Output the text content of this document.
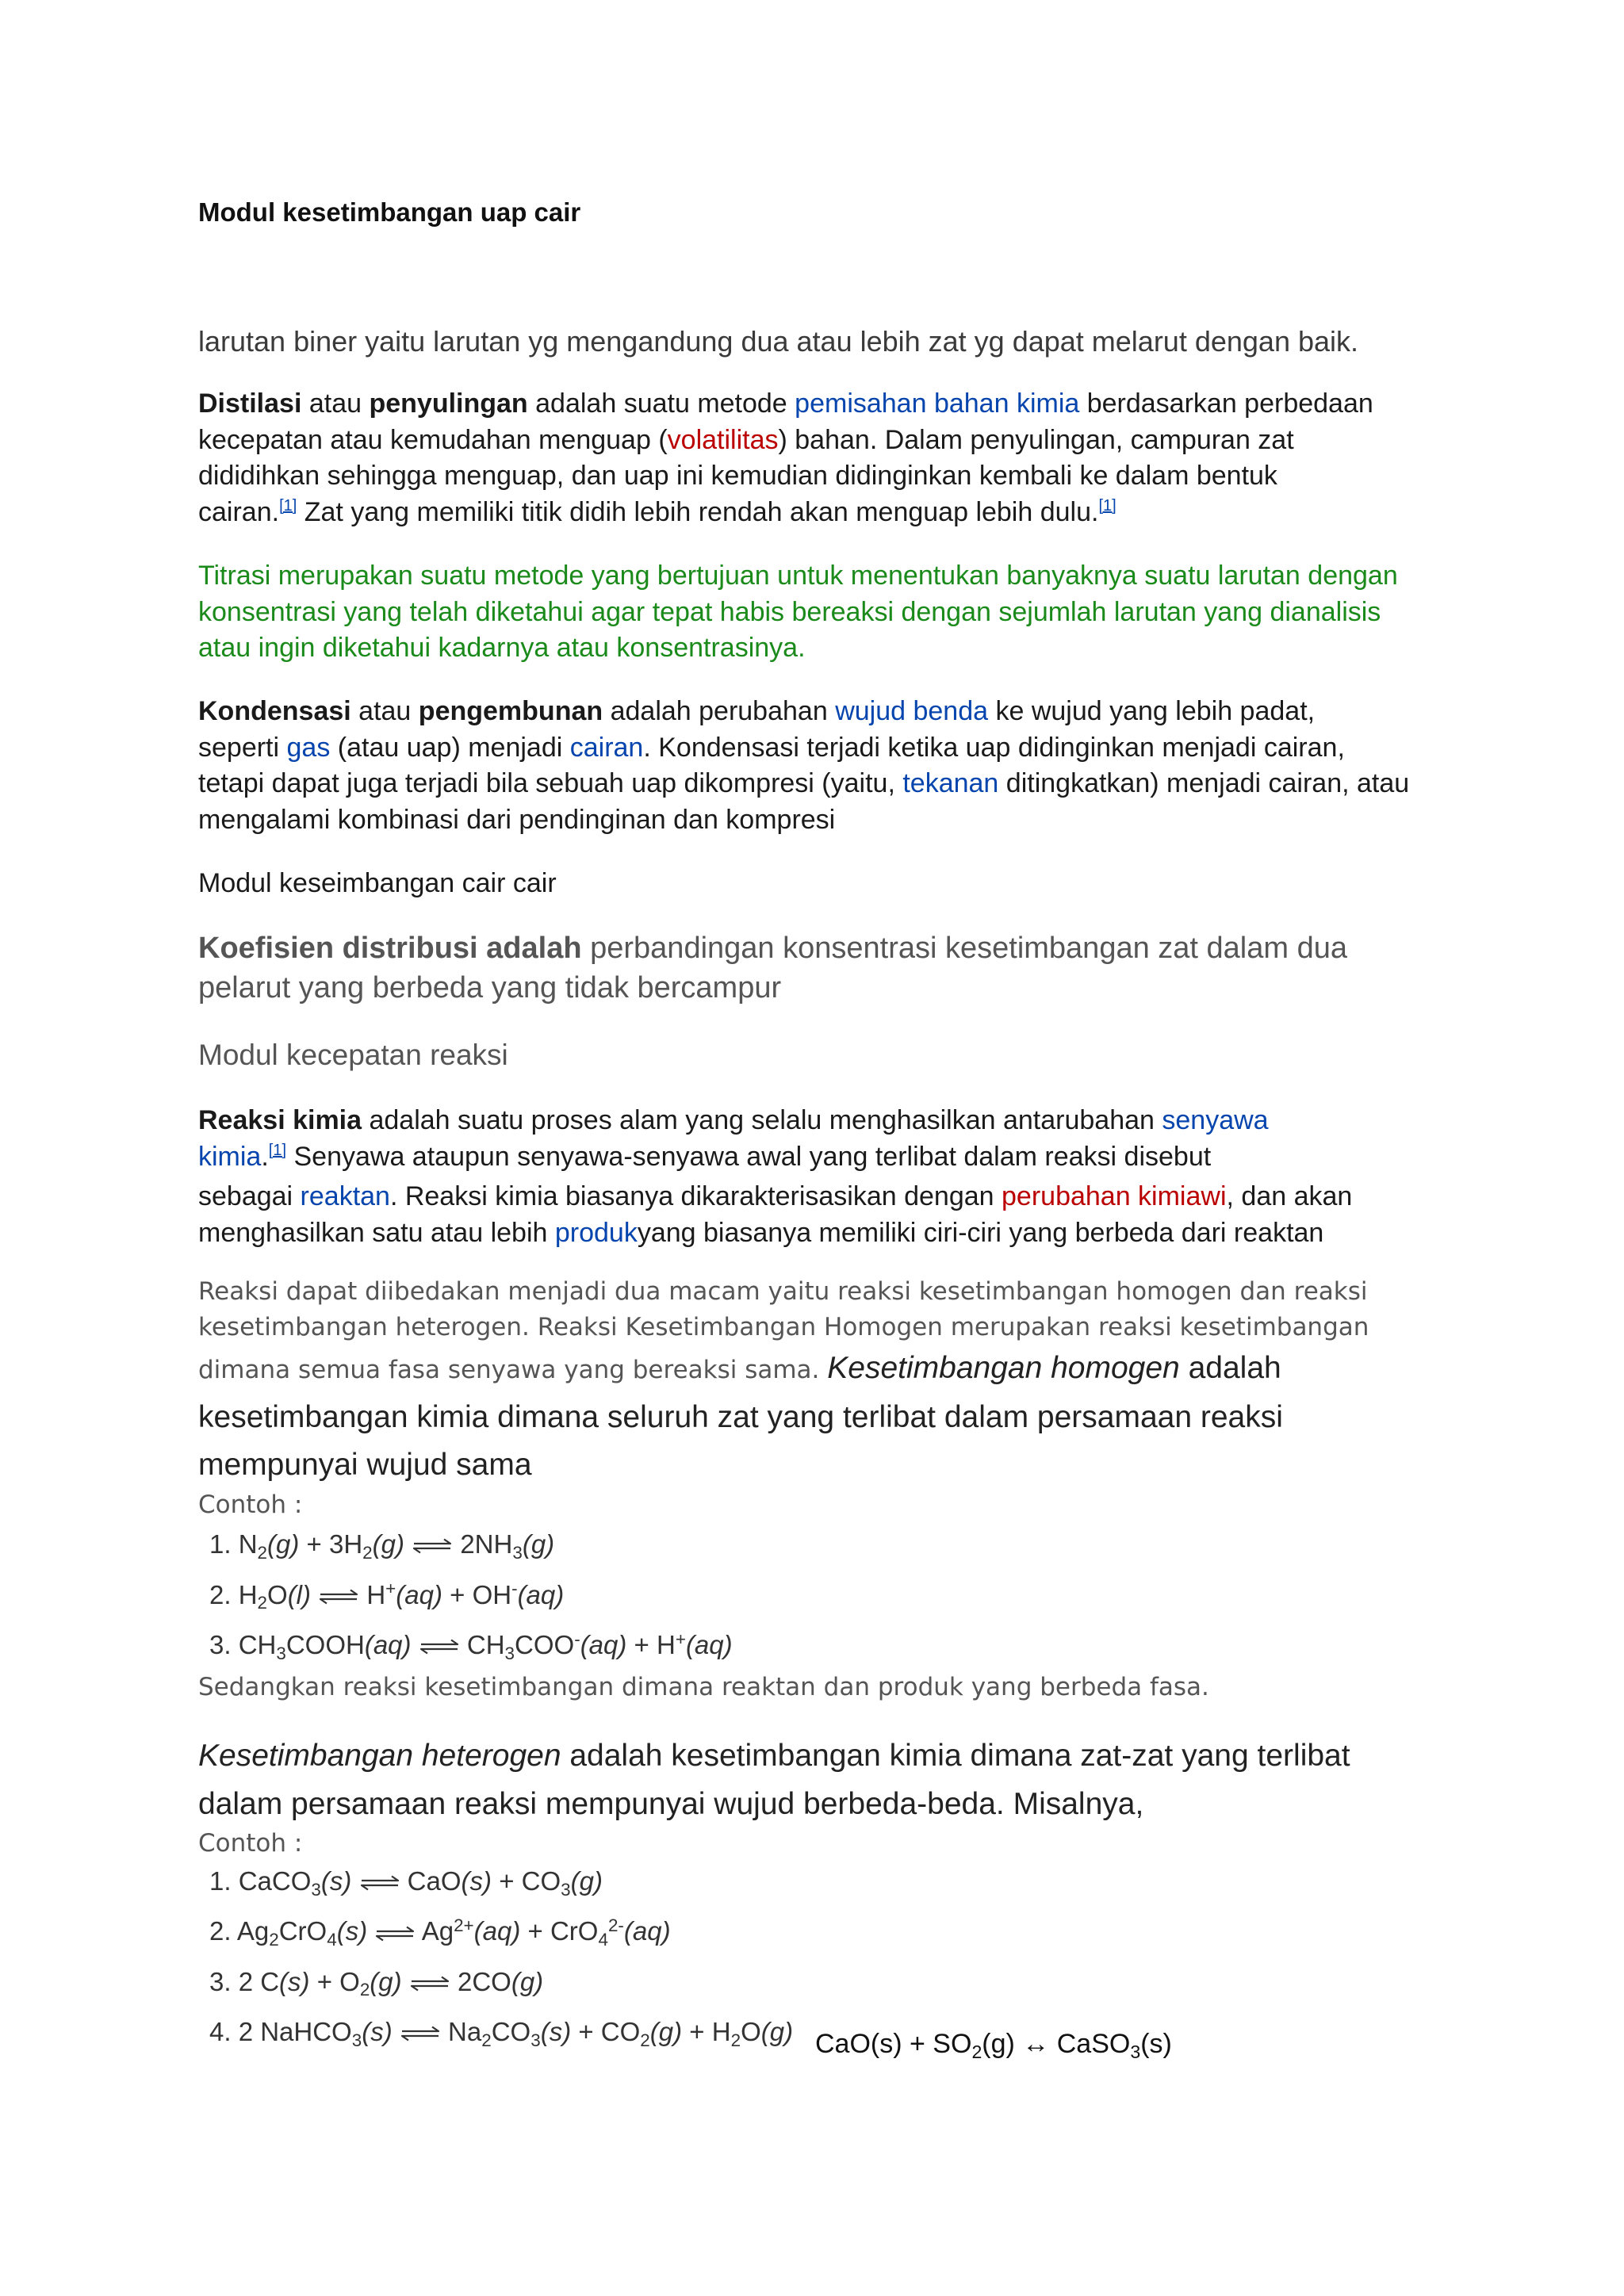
Modul kesetimbangan uap cair
larutan biner yaitu larutan yg mengandung dua atau lebih zat yg dapat melarut dengan baik.
Distilasi atau penyulingan adalah suatu metode pemisahan bahan kimia berdasarkan perbedaan
kecepatan atau kemudahan menguap (volatilitas) bahan. Dalam penyulingan, campuran zat
dididihkan sehingga menguap, dan uap ini kemudian didinginkan kembali ke dalam bentuk
cairan.[1] Zat yang memiliki titik didih lebih rendah akan menguap lebih dulu.[1]
Titrasi merupakan suatu metode yang bertujuan untuk menentukan banyaknya suatu larutan dengan
konsentrasi yang telah diketahui agar tepat habis bereaksi dengan sejumlah larutan yang dianalisis
atau ingin diketahui kadarnya atau konsentrasinya.
Kondensasi atau pengembunan adalah perubahan wujud benda ke wujud yang lebih padat,
seperti gas (atau uap) menjadi cairan. Kondensasi terjadi ketika uap didinginkan menjadi cairan,
tetapi dapat juga terjadi bila sebuah uap dikompresi (yaitu, tekanan ditingkatkan) menjadi cairan, atau
mengalami kombinasi dari pendinginan dan kompresi
Modul keseimbangan cair cair
Koefisien distribusi adalah perbandingan konsentrasi kesetimbangan zat dalam dua
pelarut yang berbeda yang tidak bercampur
Modul kecepatan reaksi
Reaksi kimia adalah suatu proses alam yang selalu menghasilkan antarubahan senyawa
kimia.[1] Senyawa ataupun senyawa-senyawa awal yang terlibat dalam reaksi disebut
sebagai reaktan. Reaksi kimia biasanya dikarakterisasikan dengan perubahan kimiawi, dan akan
menghasilkan satu atau lebih produkyang biasanya memiliki ciri-ciri yang berbeda dari reaktan
Reaksi dapat diibedakan menjadi dua macam yaitu reaksi kesetimbangan homogen dan reaksi
kesetimbangan heterogen. Reaksi Kesetimbangan Homogen merupakan reaksi kesetimbangan
dimana semua fasa senyawa yang bereaksi sama. Kesetimbangan homogen adalah
kesetimbangan kimia dimana seluruh zat yang terlibat dalam persamaan reaksi
mempunyai wujud sama
Contoh :
1. $N_2(g) + 3H_2(g)$ ⇌ $2NH_3(g)$
2. $H_2O(l)$ ⇌ H+(aq) + OH-(aq)
3. $CH_3COOH(aq)$ ⇌ $CH_3COO^-(aq) + H^+(aq)$
Sedangkan reaksi kesetimbangan dimana reaktan dan produk yang berbeda fasa.
Kesetimbangan heterogen adalah kesetimbangan kimia dimana zat-zat yang terlibat
dalam persamaan reaksi mempunyai wujud berbeda-beda. Misalnya,
Contoh :
1. CaCO$_3$(s) ⇌ $CaO(s) + CO_3(g)$
2. $Ag_2CrO_4(s)$ ⇌ $Ag^{2+}(aq) + CrO_4^{2-}(aq)$
3. 2 $C(s) + O_2(g)$ ⇌ 2CO(g)
4. 2 NaHCO$_3$(s) ⇌ $Na_2CO_3(s) + CO_2(g) + H_2O(g) CaO(s) + SO_2(g)$ ↔ CaSO$_3$(s)
